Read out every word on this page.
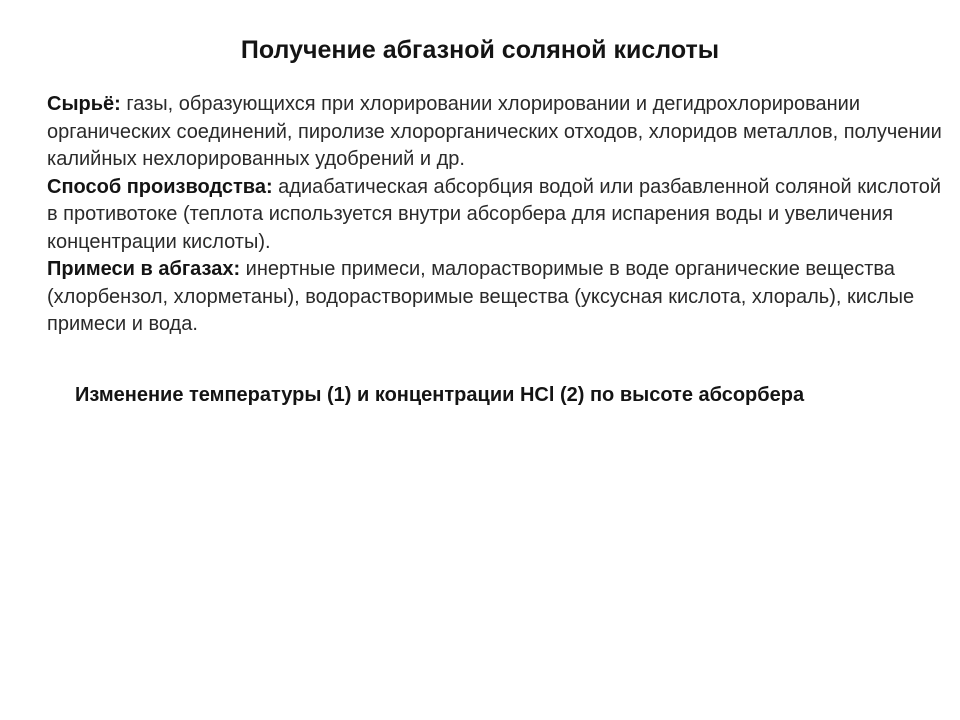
Получение абгазной соляной кислоты

Сырьё: газы, образующихся при хлорировании хлорировании и дегидрохлорировании органических соединений, пиролизе хлорорганических отходов, хлоридов металлов, получении калийных нехлорированных удобрений и др.

Способ производства: адиабатическая абсорбция водой или разбавленной соляной кислотой в противотоке (теплота используется внутри абсорбера для испарения воды и увеличения концентрации кислоты).

Примеси в абгазах: инертные примеси, малорастворимые в воде органические вещества (хлорбензол, хлорметаны), водорастворимые вещества (уксусная кислота, хлораль), кислые примеси и вода.

Изменение температуры (1) и концентрации HCl (2) по высоте абсорбера
